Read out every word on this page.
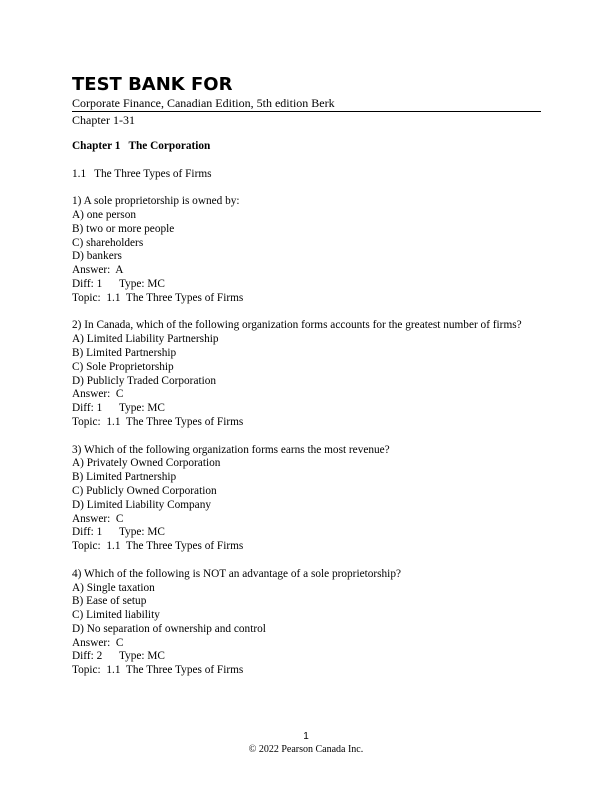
TEST BANK FOR
Corporate Finance, Canadian Edition, 5th edition Berk
Chapter 1-31
Chapter 1 The Corporation
1.1 The Three Types of Firms
1) A sole proprietorship is owned by:
A) one person
B) two or more people
C) shareholders
D) bankers
Answer:  A
Diff: 1      Type: MC
Topic:  1.1  The Three Types of Firms
2) In Canada, which of the following organization forms accounts for the greatest number of firms?
A) Limited Liability Partnership
B) Limited Partnership
C) Sole Proprietorship
D) Publicly Traded Corporation
Answer:  C
Diff: 1      Type: MC
Topic:  1.1  The Three Types of Firms
3) Which of the following organization forms earns the most revenue?
A) Privately Owned Corporation
B) Limited Partnership
C) Publicly Owned Corporation
D) Limited Liability Company
Answer:  C
Diff: 1      Type: MC
Topic:  1.1  The Three Types of Firms
4) Which of the following is NOT an advantage of a sole proprietorship?
A) Single taxation
B) Ease of setup
C) Limited liability
D) No separation of ownership and control
Answer:  C
Diff: 2      Type: MC
Topic:  1.1  The Three Types of Firms
1
© 2022 Pearson Canada Inc.
